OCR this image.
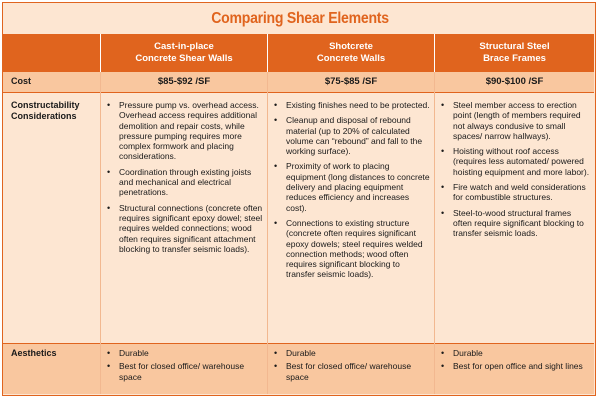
Comparing Shear Elements
Cast-in-place
Concrete Shear Walls
Shotcrete
Concrete Walls
Structural Steel
Brace Frames
Cost	$85-$92 /SF	$75-$85 /SF	$90-$100 /SF
Constructability
Considerations
• Pressure pump vs. overhead access. Overhead access requires additional demolition and repair costs, while pressure pumping requires more complex formwork and placing considerations.
• Coordination through existing joists and mechanical and electrical penetrations.
• Structural connections (concrete often requires significant epoxy dowel; steel requires welded connections; wood often requires significant attachment blocking to transfer seismic loads).
• Existing finishes need to be protected.
• Cleanup and disposal of rebound material (up to 20% of calculated volume can “rebound” and fall to the working surface).
• Proximity of work to placing equipment (long distances to concrete delivery and placing equipment reduces efficiency and increases cost).
• Connections to existing structure (concrete often requires significant epoxy dowels; steel requires welded connection methods; wood often requires significant blocking to transfer seismic loads).
• Steel member access to erection point (length of members required not always condusive to small spaces/ narrow hallways).
• Hoisting without roof access (requires less automated/ powered hoisting equipment and more labor).
• Fire watch and weld considerations for combustible structures.
• Steel-to-wood structural frames often require significant blocking to transfer seismic loads.
Aesthetics
•	Durable
• Best for closed office/ warehouse space
• Durable
• Best for closed office/ warehouse space
• Durable
• Best for open office and sight lines
